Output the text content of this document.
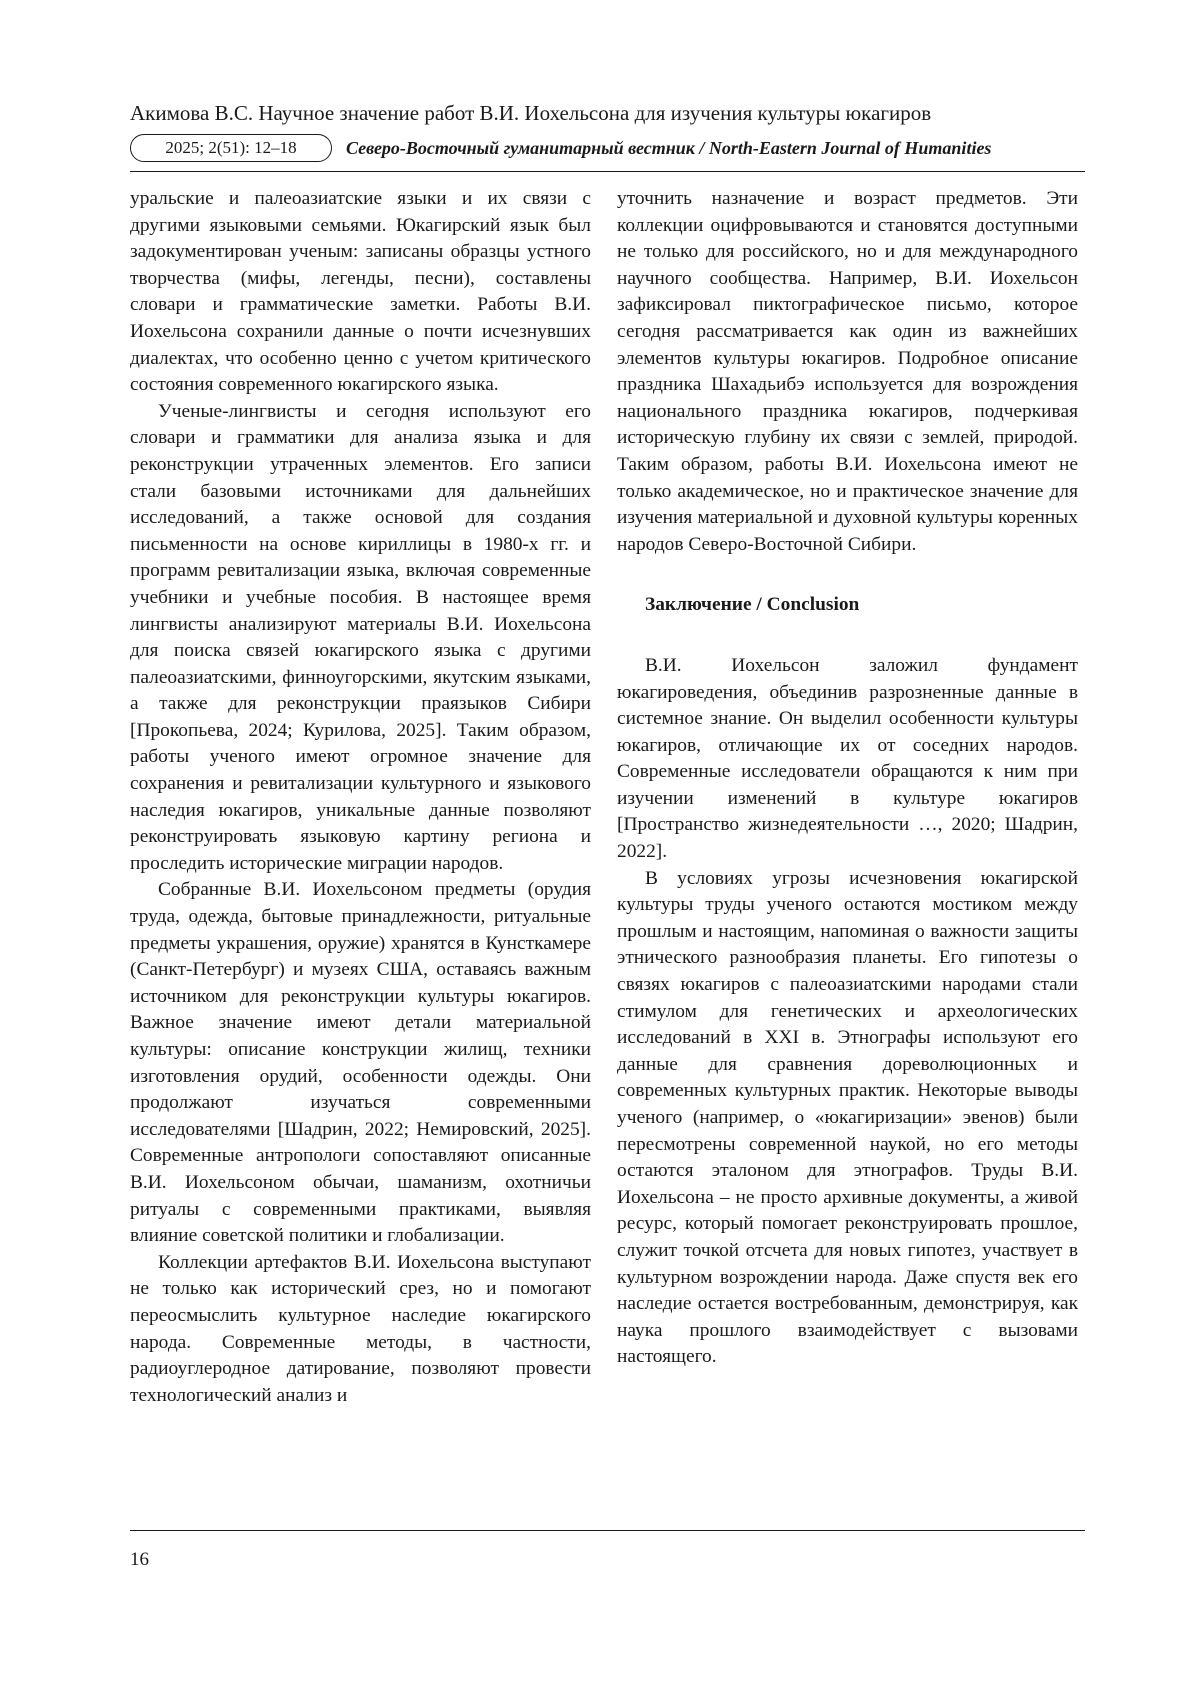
Акимова В.С. Научное значение работ В.И. Иохельсона для изучения культуры юкагиров
2025; 2(51): 12–18	Северо-Восточный гуманитарный вестник / North-Eastern Journal of Humanities

уральские и палеоазиатские языки и их связи с другими языковыми семьями. Юкагирский язык был задокументирован ученым: записаны образцы устного творчества (мифы, легенды, песни), составлены словари и грамматические заметки. Работы В.И. Иохельсона сохранили данные о почти исчезнувших диалектах, что особенно ценно с учетом критического состояния современного юкагирского языка.

Ученые-лингвисты и сегодня используют его словари и грамматики для анализа языка и для реконструкции утраченных элементов. Его записи стали базовыми источниками для дальнейших исследований, а также основой для создания письменности на основе кириллицы в 1980-х гг. и программ ревитализации языка, включая современные учебники и учебные пособия. В настоящее время лингвисты анализируют материалы В.И. Иохельсона для поиска связей юкагирского языка с другими палеоазиатскими, финноугорскими, якутским языками, а также для реконструкции праязыков Сибири [Прокопьева, 2024; Курилова, 2025]. Таким образом, работы ученого имеют огромное значение для сохранения и ревитализации культурного и языкового наследия юкагиров, уникальные данные позволяют реконструировать языковую картину региона и проследить исторические миграции народов.

Собранные В.И. Иохельсоном предметы (орудия труда, одежда, бытовые принадлежности, ритуальные предметы украшения, оружие) хранятся в Кунсткамере (Санкт-Петербург) и музеях США, оставаясь важным источником для реконструкции культуры юкагиров. Важное значение имеют детали материальной культуры: описание конструкции жилищ, техники изготовления орудий, особенности одежды. Они продолжают изучаться современными исследователями [Шадрин, 2022; Немировский, 2025]. Современные антропологи сопоставляют описанные В.И. Иохельсоном обычаи, шаманизм, охотничьи ритуалы с современными практиками, выявляя влияние советской политики и глобализации.

Коллекции артефактов В.И. Иохельсона выступают не только как исторический срез, но и помогают переосмыслить культурное наследие юкагирского народа. Современные методы, в частности, радиоуглеродное датирование, позволяют провести технологический анализ и

уточнить назначение и возраст предметов. Эти коллекции оцифровываются и становятся доступными не только для российского, но и для международного научного сообщества. Например, В.И. Иохельсон зафиксировал пиктографическое письмо, которое сегодня рассматривается как один из важнейших элементов культуры юкагиров. Подробное описание праздника Шахадьибэ используется для возрождения национального праздника юкагиров, подчеркивая историческую глубину их связи с землей, природой. Таким образом, работы В.И. Иохельсона имеют не только академическое, но и практическое значение для изучения материальной и духовной культуры коренных народов Северо-Восточной Сибири.

Заключение / Conclusion

В.И. Иохельсон заложил фундамент юкагироведения, объединив разрозненные данные в системное знание. Он выделил особенности культуры юкагиров, отличающие их от соседних народов. Современные исследователи обращаются к ним при изучении изменений в культуре юкагиров [Пространство жизнедеятельности …, 2020; Шадрин, 2022].

В условиях угрозы исчезновения юкагирской культуры труды ученого остаются мостиком между прошлым и настоящим, напоминая о важности защиты этнического разнообразия планеты. Его гипотезы о связях юкагиров с палеоазиатскими народами стали стимулом для генетических и археологических исследований в XXI в. Этнографы используют его данные для сравнения дореволюционных и современных культурных практик. Некоторые выводы ученого (например, о «юкагиризации» эвенов) были пересмотрены современной наукой, но его методы остаются эталоном для этнографов. Труды В.И. Иохельсона – не просто архивные документы, а живой ресурс, который помогает реконструировать прошлое, служит точкой отсчета для новых гипотез, участвует в культурном возрождении народа. Даже спустя век его наследие остается востребованным, демонстрируя, как наука прошлого взаимодействует с вызовами настоящего.

16
